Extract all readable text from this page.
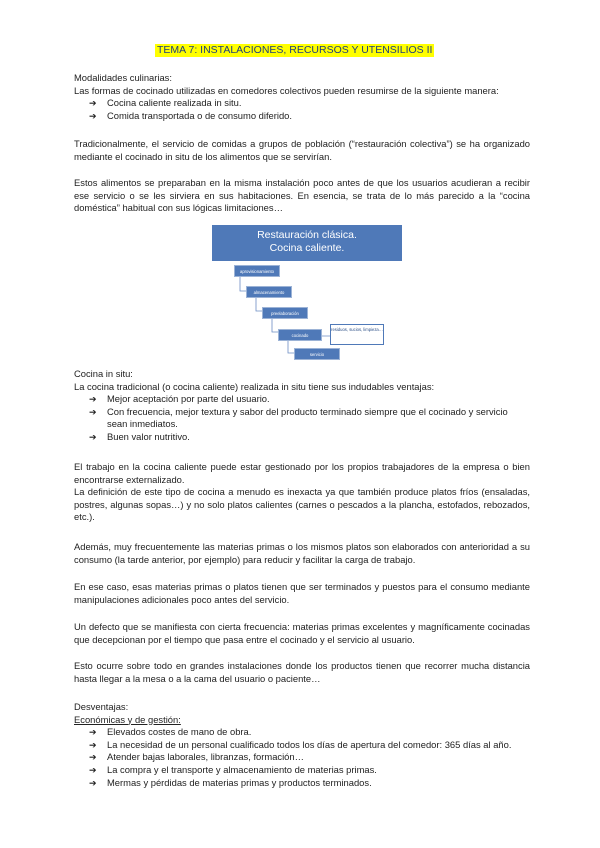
TEMA 7: INSTALACIONES, RECURSOS Y UTENSILIOS II

Modalidades culinarias:

Las formas de cocinado utilizadas en comedores colectivos pueden resumirse de la siguiente manera:

➔ Cocina caliente realizada in situ.

➔ Comida transportada o de consumo diferido.

Tradicionalmente, el servicio de comidas a grupos de población (“restauración colectiva”) se ha organizado mediante el cocinado in situ de los alimentos que se servirían.

Estos alimentos se preparaban en la misma instalación poco antes de que los usuarios acudieran a recibir ese servicio o se les sirviera en sus habitaciones. En esencia, se trata de lo más parecido a la “cocina doméstica” habitual con sus lógicas limitaciones…

Restauración clásica.
Cocina caliente.
aprovisionamiento
almacenamiento
preelaboración
cocinado
servicio
residuos, sucios, limpieza…

Cocina in situ:

La cocina tradicional (o cocina caliente) realizada in situ tiene sus indudables ventajas:

➔ Mejor aceptación por parte del usuario.

➔ Con frecuencia, mejor textura y sabor del producto terminado siempre que el cocinado y servicio sean inmediatos.

➔ Buen valor nutritivo.

El trabajo en la cocina caliente puede estar gestionado por los propios trabajadores de la empresa o bien encontrarse externalizado.

La definición de este tipo de cocina a menudo es inexacta ya que también produce platos fríos (ensaladas, postres, algunas sopas…) y no solo platos calientes (carnes o pescados a la plancha, estofados, rebozados, etc.).

Además, muy frecuentemente las materias primas o los mismos platos son elaborados con anterioridad a su consumo (la tarde anterior, por ejemplo) para reducir y facilitar la carga de trabajo.

En ese caso, esas materias primas o platos tienen que ser terminados y puestos para el consumo mediante manipulaciones adicionales poco antes del servicio.

Un defecto que se manifiesta con cierta frecuencia: materias primas excelentes y magníficamente cocinadas que decepcionan por el tiempo que pasa entre el cocinado y el servicio al usuario.

Esto ocurre sobre todo en grandes instalaciones donde los productos tienen que recorrer mucha distancia hasta llegar a la mesa o a la cama del usuario o paciente…

Desventajas:

Económicas y de gestión:

➔ Elevados costes de mano de obra.

➔ La necesidad de un personal cualificado todos los días de apertura del comedor: 365 días al año.

➔ Atender bajas laborales, libranzas, formación…

➔ La compra y el transporte y almacenamiento de materias primas.

➔ Mermas y pérdidas de materias primas y productos terminados.
